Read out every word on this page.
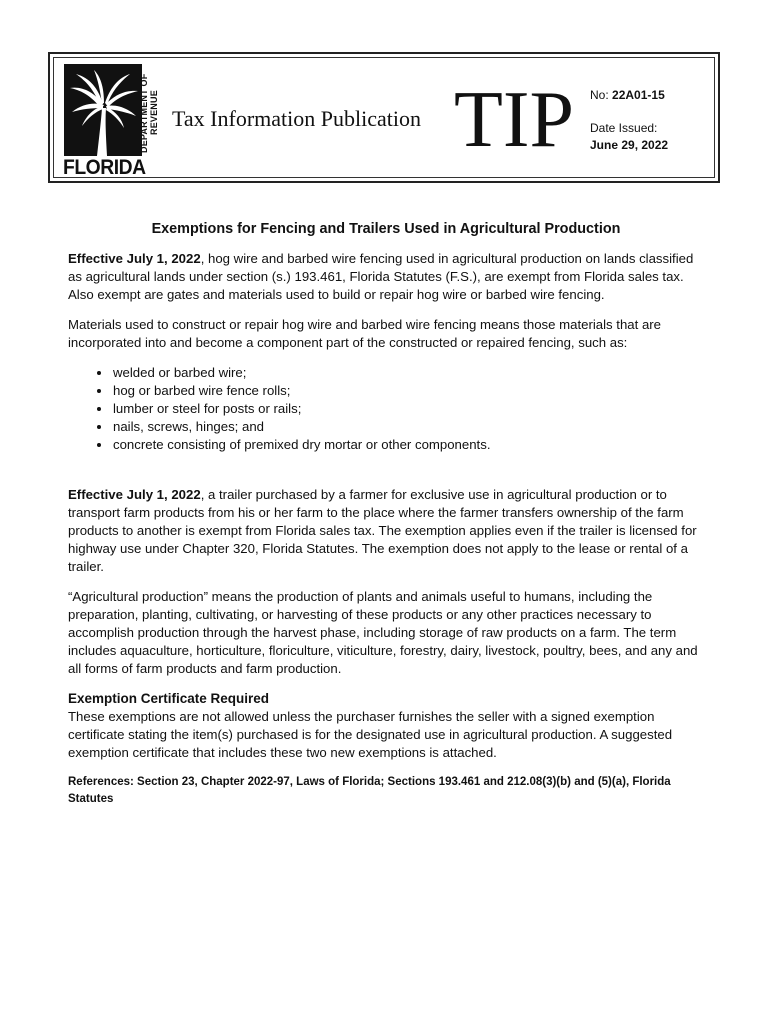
DEPARTMENT OF REVENUE
FLORIDA
Tax Information Publication TIP No: 22A01-15
Date Issued:
June 29, 2022
Exemptions for Fencing and Trailers Used in Agricultural Production

Effective July 1, 2022, hog wire and barbed wire fencing used in agricultural production on lands classified as agricultural lands under section (s.) 193.461, Florida Statutes (F.S.), are exempt from Florida sales tax. Also exempt are gates and materials used to build or repair hog wire or barbed wire fencing.

Materials used to construct or repair hog wire and barbed wire fencing means those materials that are incorporated into and become a component part of the constructed or repaired fencing, such as:

• welded or barbed wire;
• hog or barbed wire fence rolls;
• lumber or steel for posts or rails;
• nails, screws, hinges; and
• concrete consisting of premixed dry mortar or other components.

Effective July 1, 2022, a trailer purchased by a farmer for exclusive use in agricultural production or to transport farm products from his or her farm to the place where the farmer transfers ownership of the farm products to another is exempt from Florida sales tax. The exemption applies even if the trailer is licensed for highway use under Chapter 320, Florida Statutes. The exemption does not apply to the lease or rental of a trailer.

“Agricultural production” means the production of plants and animals useful to humans, including the preparation, planting, cultivating, or harvesting of these products or any other practices necessary to accomplish production through the harvest phase, including storage of raw products on a farm. The term includes aquaculture, horticulture, floriculture, viticulture, forestry, dairy, livestock, poultry, bees, and any and all forms of farm products and farm production.

Exemption Certificate Required

These exemptions are not allowed unless the purchaser furnishes the seller with a signed exemption certificate stating the item(s) purchased is for the designated use in agricultural production. A suggested exemption certificate that includes these two new exemptions is attached.

References: Section 23, Chapter 2022-97, Laws of Florida; Sections 193.461 and 212.08(3)(b) and (5)(a), Florida Statutes
